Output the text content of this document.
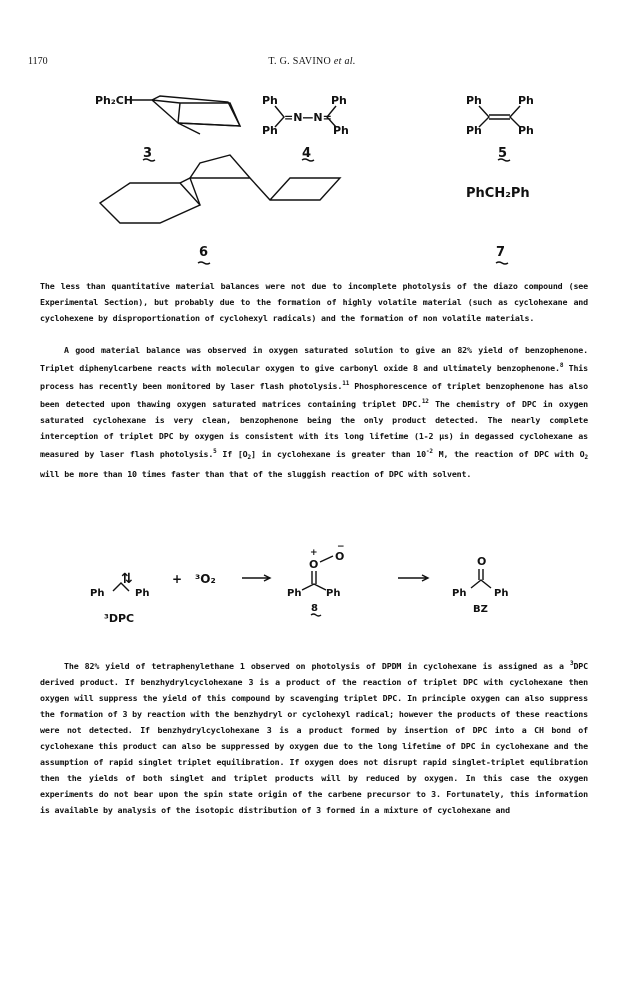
1170	T. G. SAVINO et al.
Ph₂CH
3
Ph
Ph
Ph
Ph
=N—N=
4
Ph
Ph
Ph
Ph
5
6
PhCH₂Ph
7
⇅
Ph	Ph
³DPC
+ ³O₂
+
O
O
−
Ph Ph
8
O
Ph	Ph
BZ

The less than quantitative material balances were not due to incomplete photolysis of the diazo compound (see Experimental Section), but probably due to the formation of highly volatile material (such as cyclohexane and cyclohexene by disproportionation of cyclohexyl radicals) and the formation of non volatile materials.

A good material balance was observed in oxygen saturated solution to give an 82% yield of benzophenone. Triplet diphenylcarbene reacts with molecular oxygen to give carbonyl oxide 8 and ultimately benzophenone.$^8$ This process has recently been monitored by laser flash photolysis.$^{11}$ Phosphorescence of triplet benzophenone has also been detected upon thawing oxygen saturated matrices containing triplet DPC.$^{12}$ The chemistry of DPC in oxygen saturated cyclohexane is very clean, benzophenone being the only product detected. The nearly complete interception of triplet DPC by oxygen is consistent with its long lifetime (1-2 μs) in degassed cyclohexane as measured by laser flash photolysis.$^5$ If $[O_2]$ in cyclohexane is greater than $10^{-2}$ M, the reaction of DPC with $O_2$ will be more than 10 times faster than that of the sluggish reaction of DPC with solvent.

The 82% yield of tetraphenylethane 1 observed on photolysis of DPDM in cyclohexane is assigned as a $^3$DPC derived product. If benzhydrylcyclohexane 3 is a product of the reaction of triplet DPC with cyclohexane then oxygen will suppress the yield of this compound by scavenging triplet DPC. In principle oxygen can also suppress the formation of 3 by reaction with the benzhydryl or cyclohexyl radical; however the products of these reactions were not detected. If benzhydrylcyclohexane 3 is a product formed by insertion of DPC into a CH bond of cyclohexane this product can also be suppressed by oxygen due to the long lifetime of DPC in cyclohexane and the assumption of rapid singlet triplet equilibration. If oxygen does not disrupt rapid singlet-triplet equlibration then the yields of both singlet and triplet products will by reduced by oxygen. In this case the oxygen experiments do not bear upon the spin state origin of the carbene precursor to 3. Fortunately, this information is available by analysis of the isotopic distribution of 3 formed in a mixture of cyclohexane and
